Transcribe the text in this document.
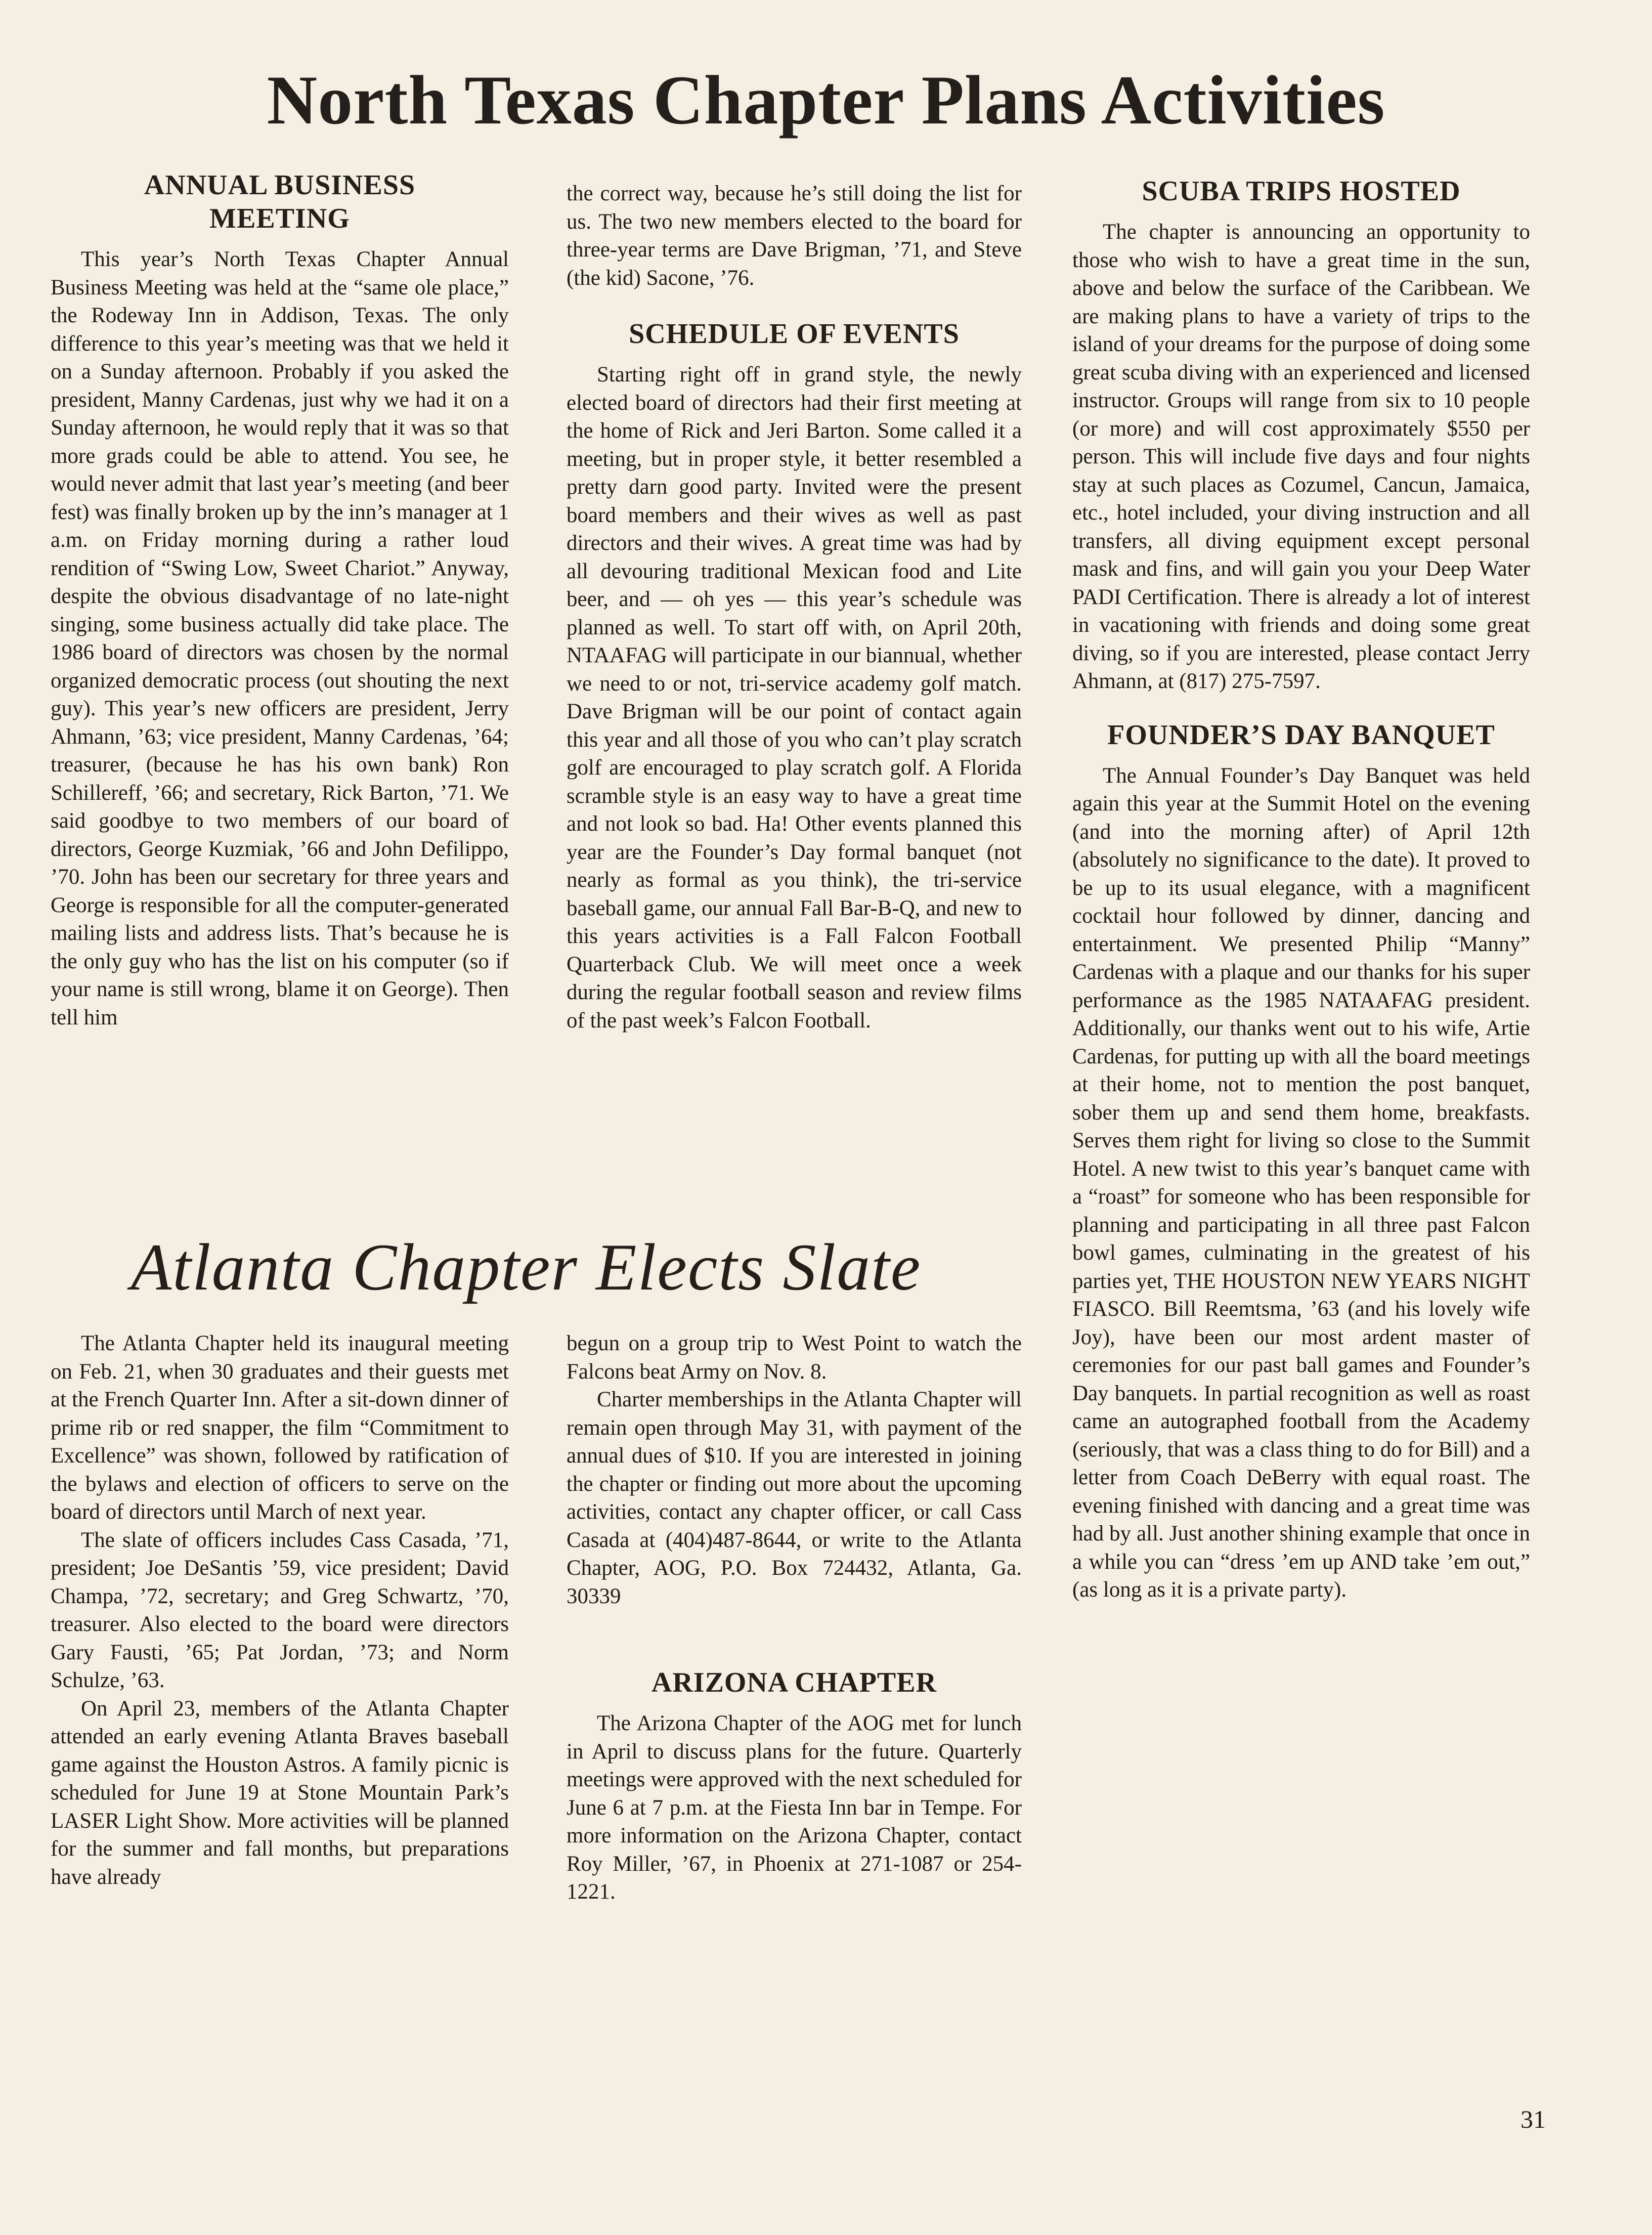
North Texas Chapter Plans Activities
ANNUAL BUSINESS MEETING

This year’s North Texas Chapter Annual Business Meeting was held at the “same ole place,” the Rodeway Inn in Addison, Texas. The only difference to this year’s meeting was that we held it on a Sunday afternoon. Probably if you asked the president, Manny Cardenas, just why we had it on a Sunday afternoon, he would reply that it was so that more grads could be able to attend. You see, he would never admit that last year’s meeting (and beer fest) was finally broken up by the inn’s manager at 1 a.m. on Friday morning during a rather loud rendition of “Swing Low, Sweet Chariot.” Anyway, despite the obvious disadvantage of no late-night singing, some business actually did take place. The 1986 board of directors was chosen by the normal organized democratic process (out shouting the next guy). This year’s new officers are president, Jerry Ahmann, ’63; vice president, Manny Cardenas, ’64; treasurer, (because he has his own bank) Ron Schillereff, ’66; and secretary, Rick Barton, ’71. We said goodbye to two members of our board of directors, George Kuzmiak, ’66 and John Defilippo, ’70. John has been our secretary for three years and George is responsible for all the computer-generated mailing lists and address lists. That’s because he is the only guy who has the list on his computer (so if your name is still wrong, blame it on George). Then tell him

the correct way, because he’s still doing the list for us. The two new members elected to the board for three-year terms are Dave Brigman, ’71, and Steve (the kid) Sacone, ’76.

SCHEDULE OF EVENTS

Starting right off in grand style, the newly elected board of directors had their first meeting at the home of Rick and Jeri Barton. Some called it a meeting, but in proper style, it better resembled a pretty darn good party. Invited were the present board members and their wives as well as past directors and their wives. A great time was had by all devouring traditional Mexican food and Lite beer, and — oh yes — this year’s schedule was planned as well. To start off with, on April 20th, NTAAFAG will participate in our biannual, whether we need to or not, tri-service academy golf match. Dave Brigman will be our point of contact again this year and all those of you who can’t play scratch golf are encouraged to play scratch golf. A Florida scramble style is an easy way to have a great time and not look so bad. Ha! Other events planned this year are the Founder’s Day formal banquet (not nearly as formal as you think), the tri-service baseball game, our annual Fall Bar-B-Q, and new to this years activities is a Fall Falcon Football Quarterback Club. We will meet once a week during the regular football season and review films of the past week’s Falcon Football.

SCUBA TRIPS HOSTED

The chapter is announcing an opportunity to those who wish to have a great time in the sun, above and below the surface of the Caribbean. We are making plans to have a variety of trips to the island of your dreams for the purpose of doing some great scuba diving with an experienced and licensed instructor. Groups will range from six to 10 people (or more) and will cost approximately $550 per person. This will include five days and four nights stay at such places as Cozumel, Cancun, Jamaica, etc., hotel included, your diving instruction and all transfers, all diving equipment except personal mask and fins, and will gain you your Deep Water PADI Certification. There is already a lot of interest in vacationing with friends and doing some great diving, so if you are interested, please contact Jerry Ahmann, at (817) 275-7597.

FOUNDER’S DAY BANQUET

The Annual Founder’s Day Banquet was held again this year at the Summit Hotel on the evening (and into the morning after) of April 12th (absolutely no significance to the date). It proved to be up to its usual elegance, with a magnificent cocktail hour followed by dinner, dancing and entertainment. We presented Philip “Manny” Cardenas with a plaque and our thanks for his super performance as the 1985 NATAAFAG president. Additionally, our thanks went out to his wife, Artie Cardenas, for putting up with all the board meetings at their home, not to mention the post banquet, sober them up and send them home, breakfasts. Serves them right for living so close to the Summit Hotel. A new twist to this year’s banquet came with a “roast” for someone who has been responsible for planning and participating in all three past Falcon bowl games, culminating in the greatest of his parties yet, THE HOUSTON NEW YEARS NIGHT FIASCO. Bill Reemtsma, ’63 (and his lovely wife Joy), have been our most ardent master of ceremonies for our past ball games and Founder’s Day banquets. In partial recognition as well as roast came an autographed football from the Academy (seriously, that was a class thing to do for Bill) and a letter from Coach DeBerry with equal roast. The evening finished with dancing and a great time was had by all. Just another shining example that once in a while you can “dress ’em up AND take ’em out,” (as long as it is a private party).

Atlanta Chapter Elects Slate

The Atlanta Chapter held its inaugural meeting on Feb. 21, when 30 graduates and their guests met at the French Quarter Inn. After a sit-down dinner of prime rib or red snapper, the film “Commitment to Excellence” was shown, followed by ratification of the bylaws and election of officers to serve on the board of directors until March of next year.

The slate of officers includes Cass Casada, ’71, president; Joe DeSantis ’59, vice president; David Champa, ’72, secretary; and Greg Schwartz, ’70, treasurer. Also elected to the board were directors Gary Fausti, ’65; Pat Jordan, ’73; and Norm Schulze, ’63.

On April 23, members of the Atlanta Chapter attended an early evening Atlanta Braves baseball game against the Houston Astros. A family picnic is scheduled for June 19 at Stone Mountain Park’s LASER Light Show. More activities will be planned for the summer and fall months, but preparations have already

begun on a group trip to West Point to watch the Falcons beat Army on Nov. 8.

Charter memberships in the Atlanta Chapter will remain open through May 31, with payment of the annual dues of $10. If you are interested in joining the chapter or finding out more about the upcoming activities, contact any chapter officer, or call Cass Casada at (404)487-8644, or write to the Atlanta Chapter, AOG, P.O. Box 724432, Atlanta, Ga. 30339

ARIZONA CHAPTER

The Arizona Chapter of the AOG met for lunch in April to discuss plans for the future. Quarterly meetings were approved with the next scheduled for June 6 at 7 p.m. at the Fiesta Inn bar in Tempe. For more information on the Arizona Chapter, contact Roy Miller, ’67, in Phoenix at 271-1087 or 254-1221.

31
